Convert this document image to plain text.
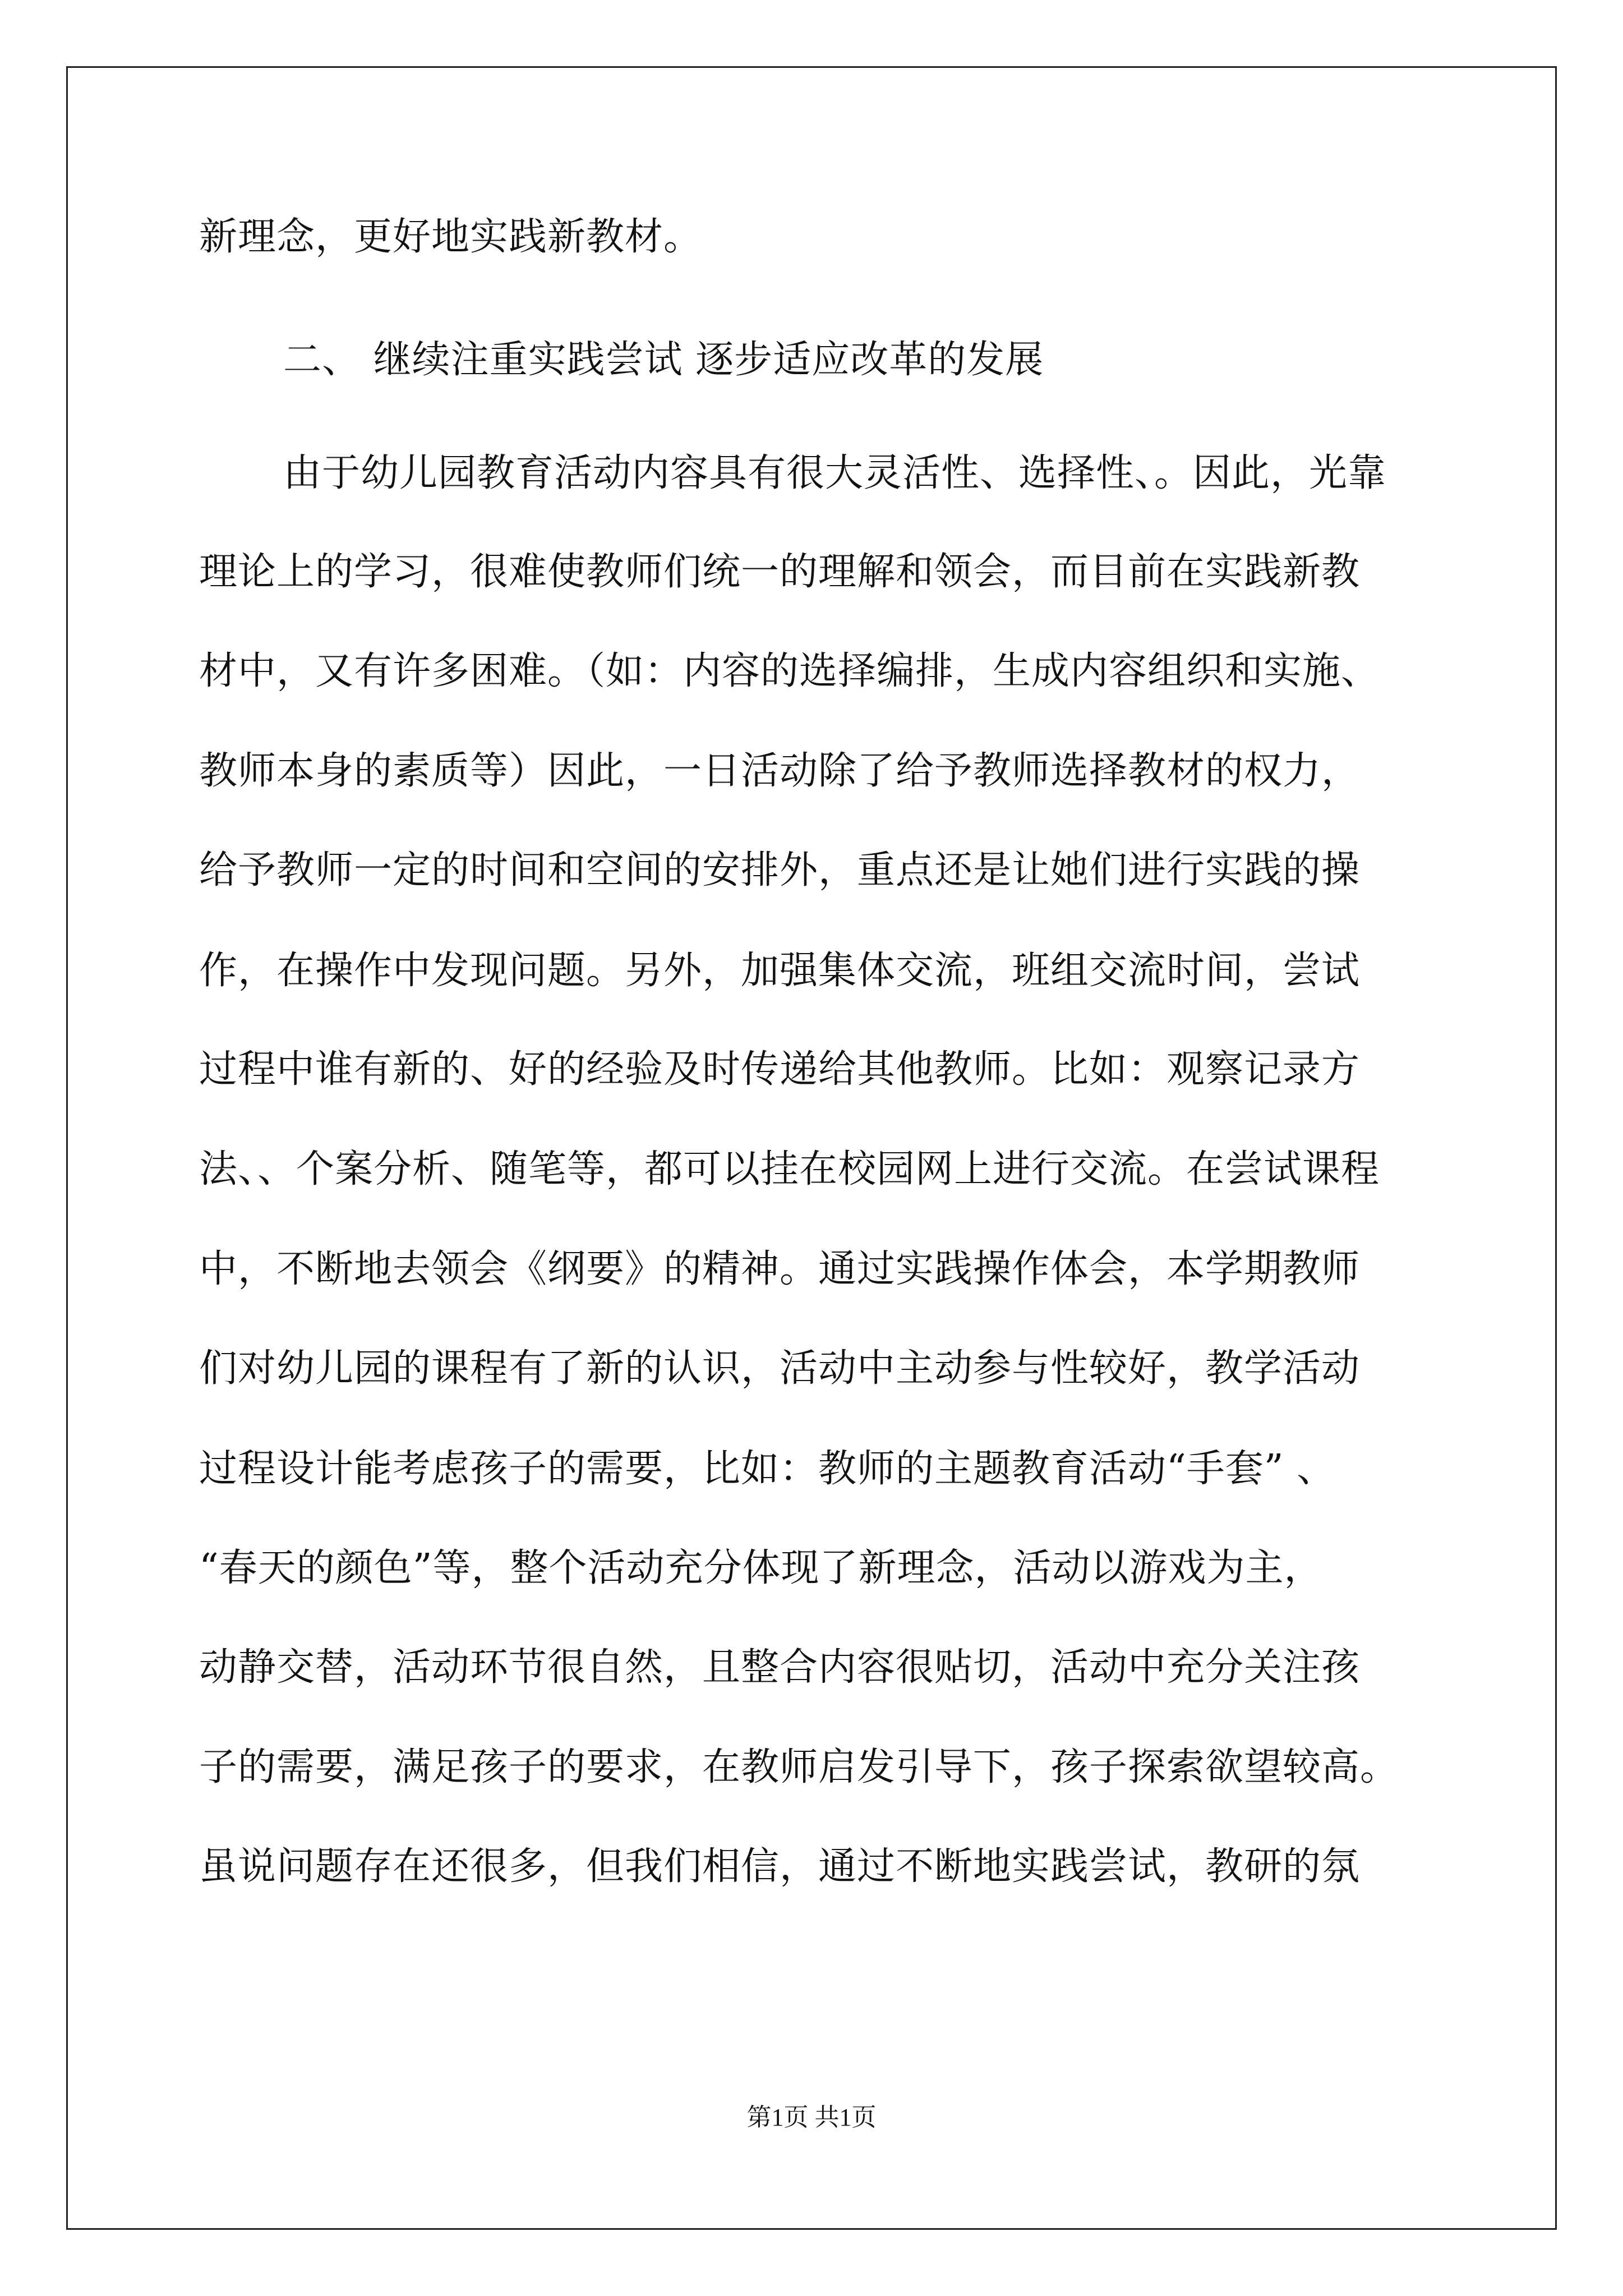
新理念，更好地实践新教材。
二、 继续注重实践尝试 逐步适应改革的发展
由于幼儿园教育活动内容具有很大灵活性、选择性、。因此，光靠
理论上的学习，很难使教师们统一的理解和领会，而目前在实践新教
材中，又有许多困难。（如：内容的选择编排，生成内容组织和实施、
教师本身的素质等）因此，一日活动除了给予教师选择教材的权力，
给予教师一定的时间和空间的安排外，重点还是让她们进行实践的操
作，在操作中发现问题。另外，加强集体交流，班组交流时间，尝试
过程中谁有新的、好的经验及时传递给其他教师。比如：观察记录方
法、、个案分析、随笔等，都可以挂在校园网上进行交流。在尝试课程
中，不断地去领会《纲要》的精神。通过实践操作体会，本学期教师
们对幼儿园的课程有了新的认识，活动中主动参与性较好，教学活动
过程设计能考虑孩子的需要，比如：教师的主题教育活动“手套” 、
“春天的颜色”等，整个活动充分体现了新理念，活动以游戏为主，
动静交替，活动环节很自然，且整合内容很贴切，活动中充分关注孩
子的需要，满足孩子的要求，在教师启发引导下，孩子探索欲望较高。
虽说问题存在还很多，但我们相信，通过不断地实践尝试，教研的氛
第1页 共1页
